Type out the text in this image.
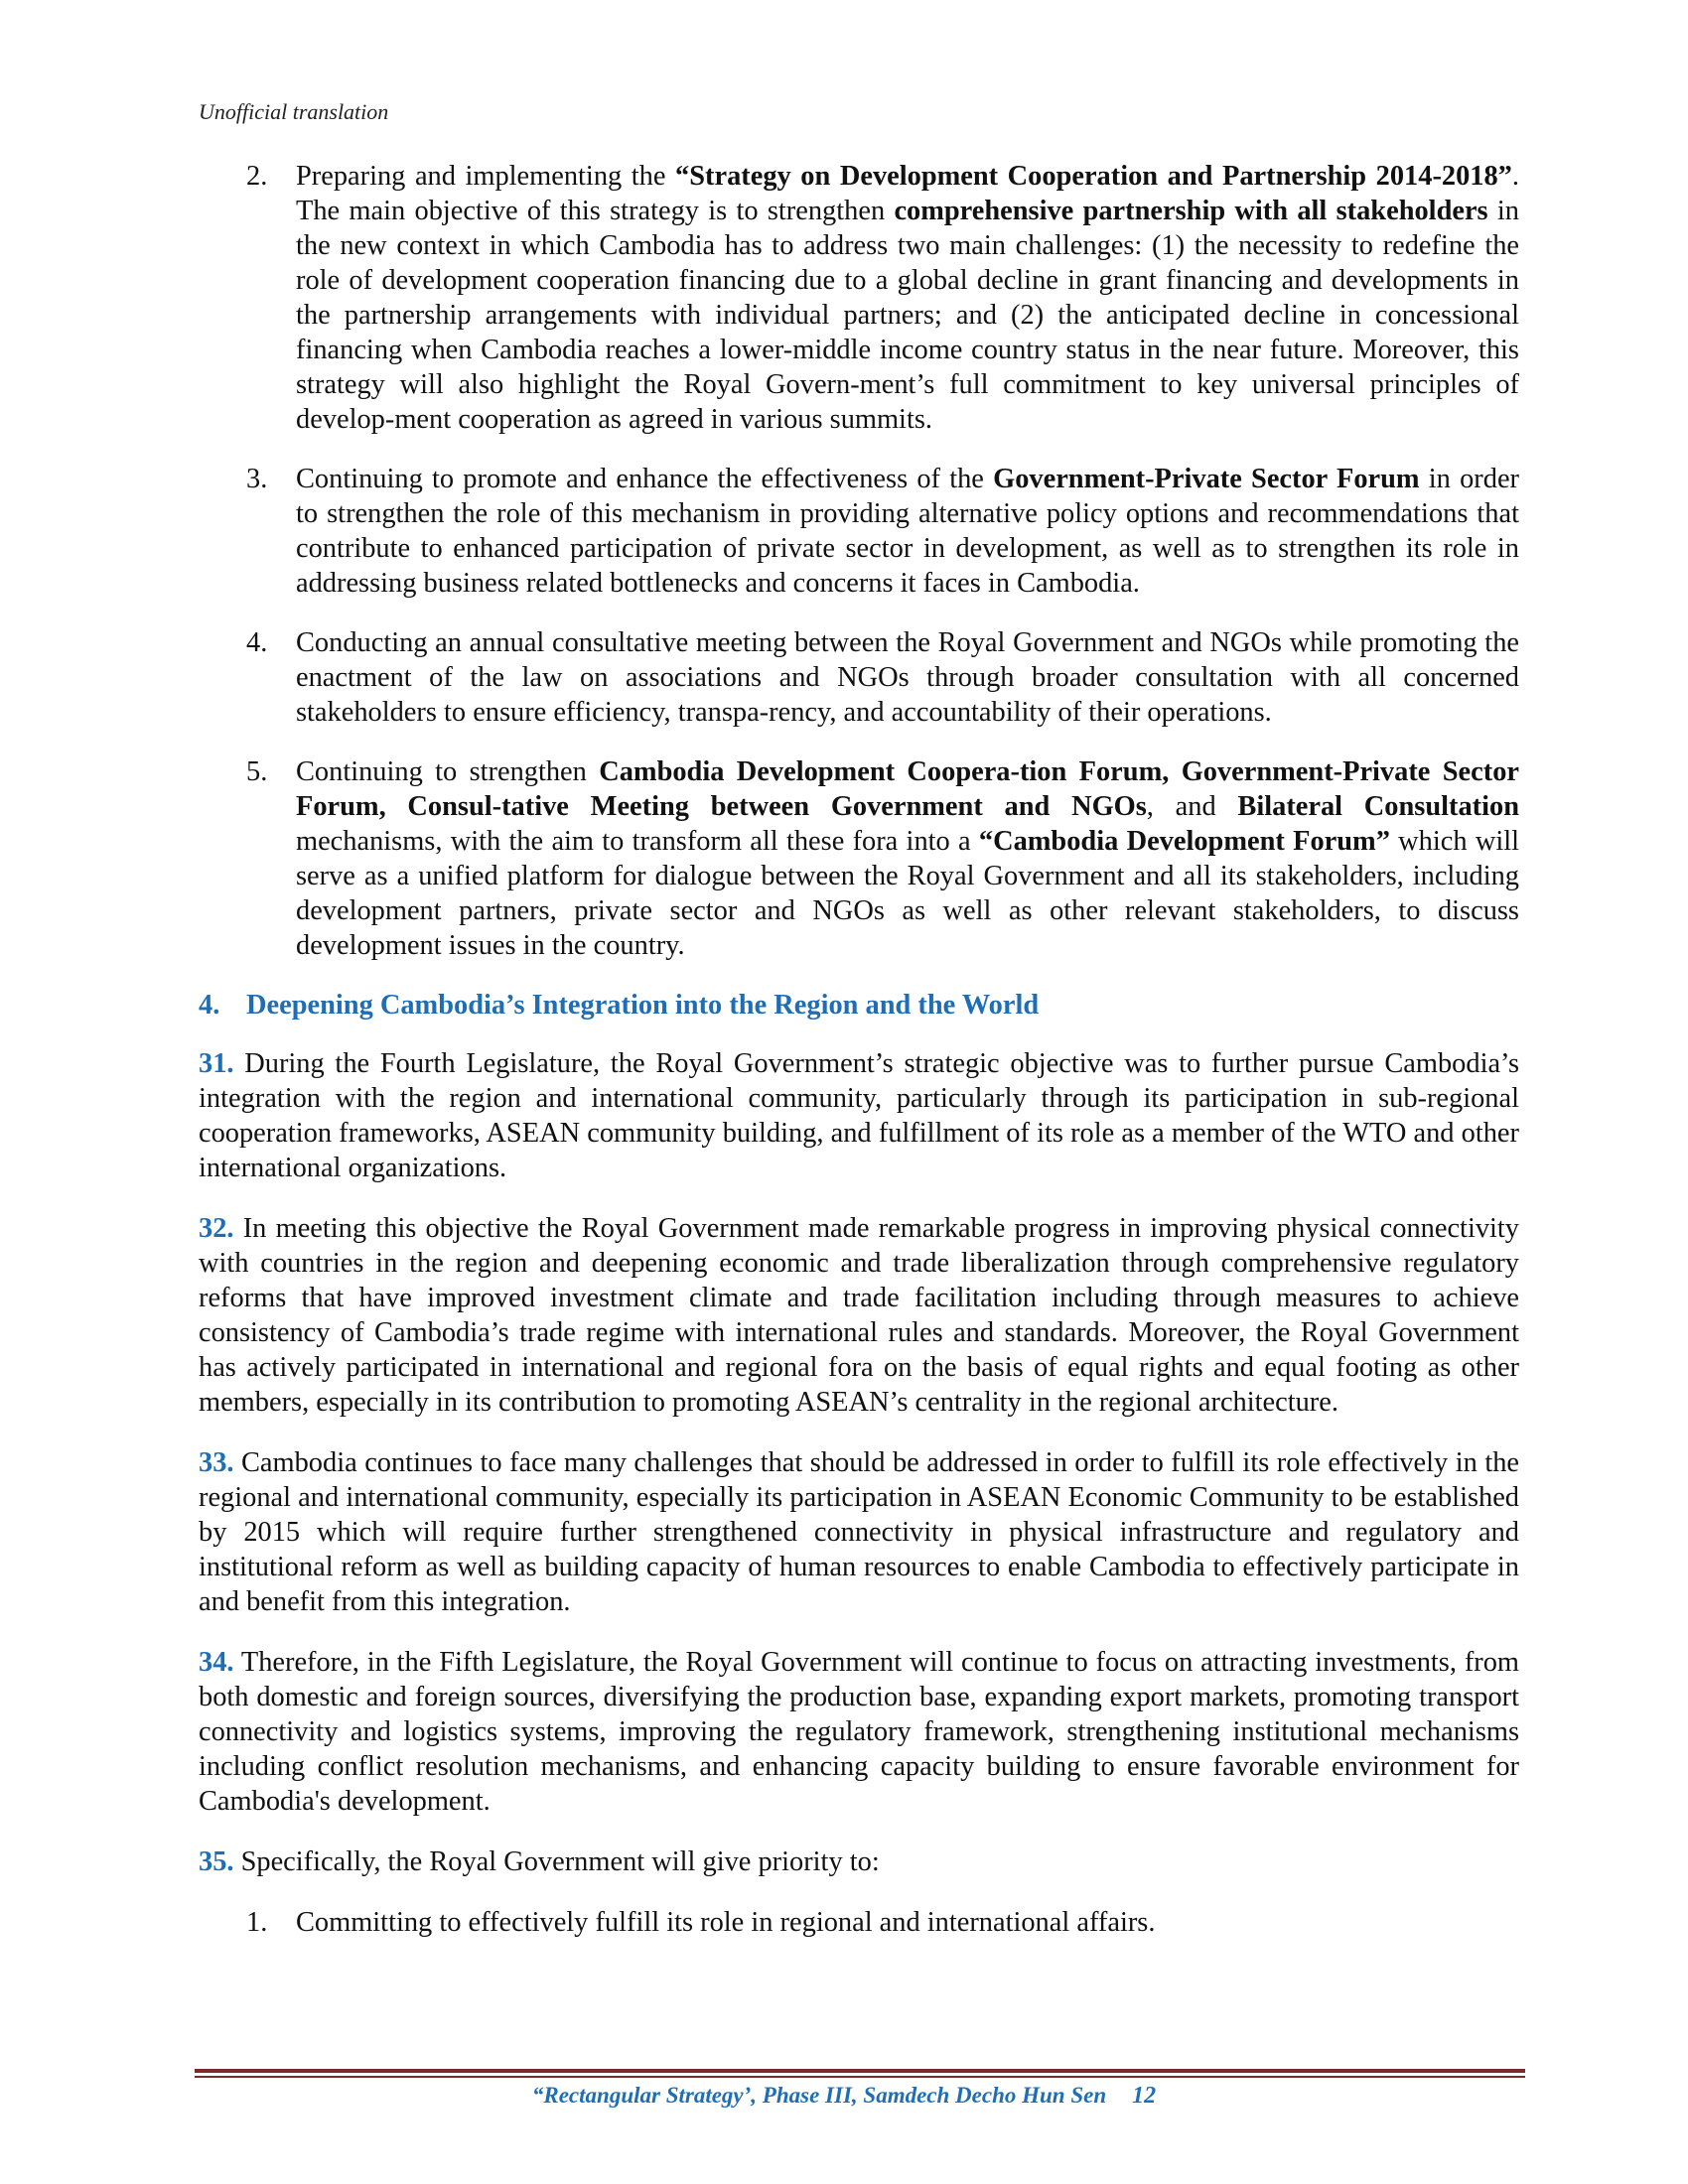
Unofficial translation
2. Preparing and implementing the “Strategy on Development Cooperation and Partnership 2014-2018”. The main objective of this strategy is to strengthen comprehensive partnership with all stakeholders in the new context in which Cambodia has to address two main challenges: (1) the necessity to redefine the role of development cooperation financing due to a global decline in grant financing and developments in the partnership arrangements with individual partners; and (2) the anticipated decline in concessional financing when Cambodia reaches a lower-middle income country status in the near future. Moreover, this strategy will also highlight the Royal Govern-ment’s full commitment to key universal principles of develop-ment cooperation as agreed in various summits.
3. Continuing to promote and enhance the effectiveness of the Government-Private Sector Forum in order to strengthen the role of this mechanism in providing alternative policy options and recommendations that contribute to enhanced participation of private sector in development, as well as to strengthen its role in addressing business related bottlenecks and concerns it faces in Cambodia.
4. Conducting an annual consultative meeting between the Royal Government and NGOs while promoting the enactment of the law on associations and NGOs through broader consultation with all concerned stakeholders to ensure efficiency, transpa-rency, and accountability of their operations.
5. Continuing to strengthen Cambodia Development Coopera-tion Forum, Government-Private Sector Forum, Consul-tative Meeting between Government and NGOs, and Bilateral Consultation mechanisms, with the aim to transform all these fora into a “Cambodia Development Forum” which will serve as a unified platform for dialogue between the Royal Government and all its stakeholders, including development partners, private sector and NGOs as well as other relevant stakeholders, to discuss development issues in the country.
4. Deepening Cambodia’s Integration into the Region and the World

31. During the Fourth Legislature, the Royal Government’s strategic objective was to further pursue Cambodia’s integration with the region and international community, particularly through its participation in sub-regional cooperation frameworks, ASEAN community building, and fulfillment of its role as a member of the WTO and other international organizations.

32. In meeting this objective the Royal Government made remarkable progress in improving physical connectivity with countries in the region and deepening economic and trade liberalization through comprehensive regulatory reforms that have improved investment climate and trade facilitation including through measures to achieve consistency of Cambodia’s trade regime with international rules and standards. Moreover, the Royal Government has actively participated in international and regional fora on the basis of equal rights and equal footing as other members, especially in its contribution to promoting ASEAN’s centrality in the regional architecture.

33. Cambodia continues to face many challenges that should be addressed in order to fulfill its role effectively in the regional and international community, especially its participation in ASEAN Economic Community to be established by 2015 which will require further strengthened connectivity in physical infrastructure and regulatory and institutional reform as well as building capacity of human resources to enable Cambodia to effectively participate in and benefit from this integration.

34. Therefore, in the Fifth Legislature, the Royal Government will continue to focus on attracting investments, from both domestic and foreign sources, diversifying the production base, expanding export markets, promoting transport connectivity and logistics systems, improving the regulatory framework, strengthening institutional mechanisms including conflict resolution mechanisms, and enhancing capacity building to ensure favorable environment for Cambodia's development.

35. Specifically, the Royal Government will give priority to:

1. Committing to effectively fulfill its role in regional and international affairs.
“Rectangular Strategy’, Phase III, Samdech Decho Hun Sen 12
